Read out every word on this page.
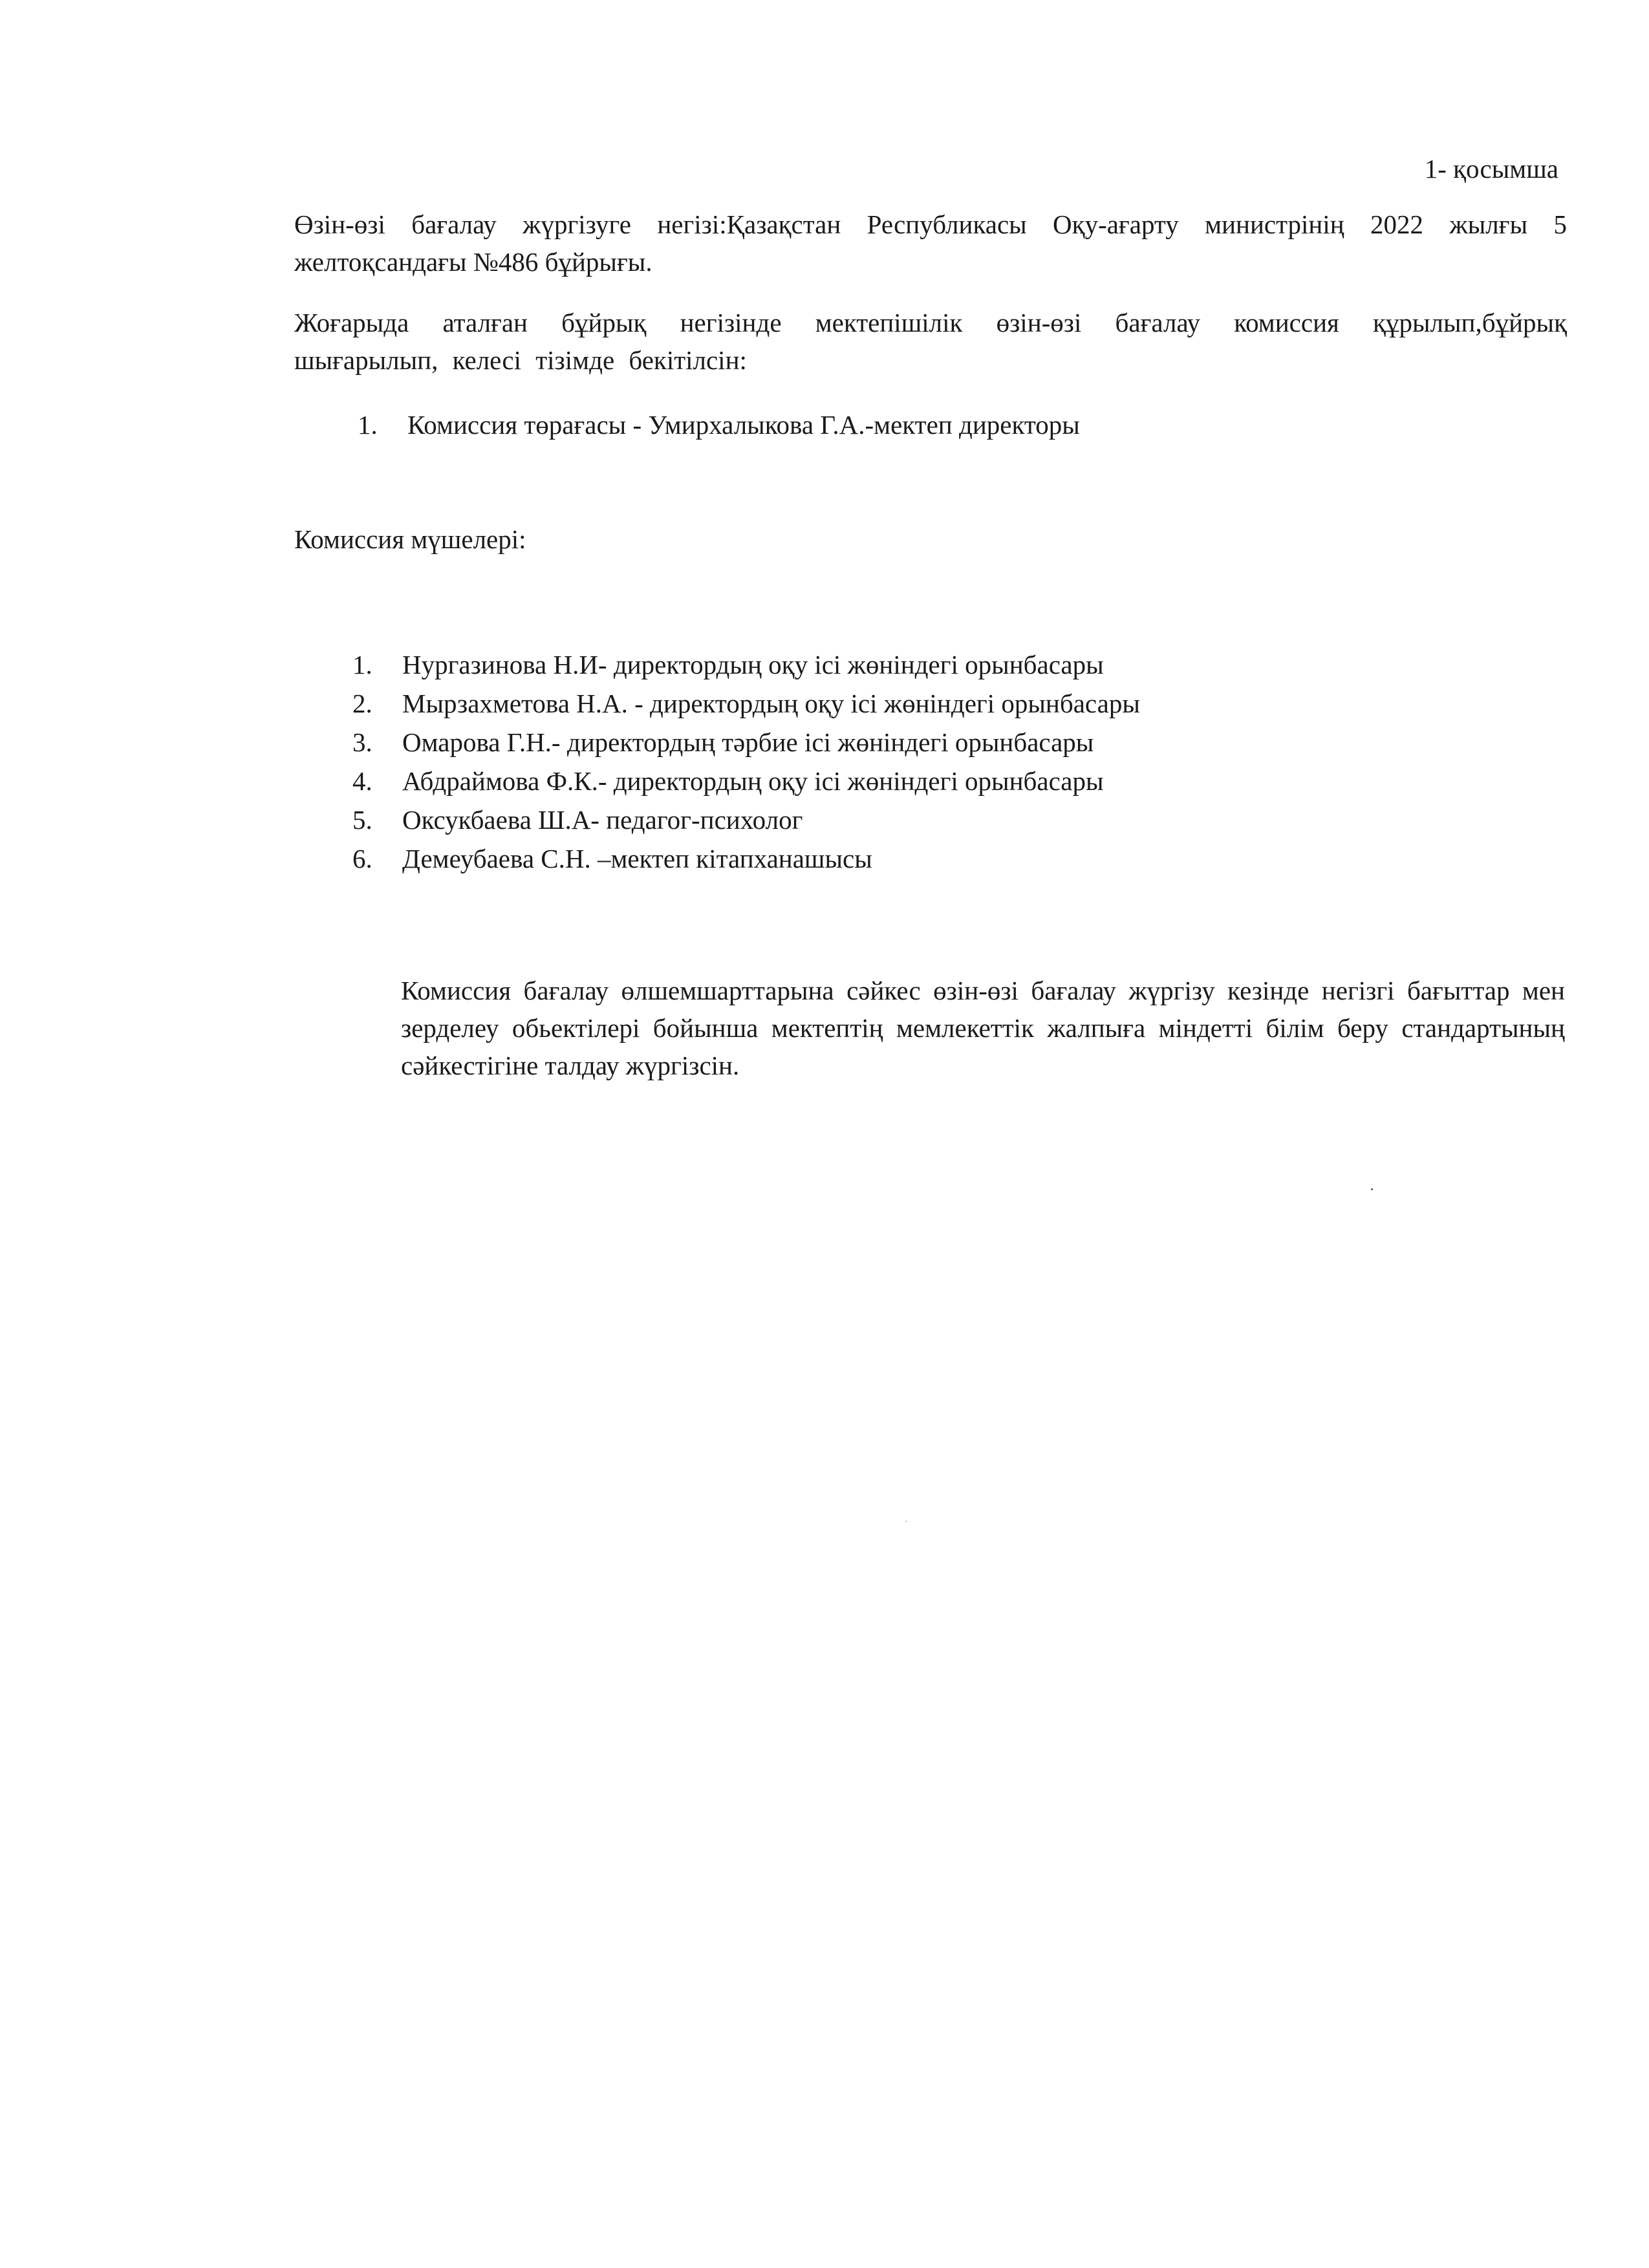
1- қосымша

Өзін-өзі бағалау жүргізуге негізі:Қазақстан Республикасы Оқу-ағарту министрінің 2022 жылғы 5 желтоқсандағы №486 бұйрығы.

Жоғарыда аталған бұйрық негізінде мектепішілік өзін-өзі бағалау комиссия құрылып,бұйрық шығарылып, келесі тізімде бекітілсін:

1. Комиссия төрағасы - Умирхалыкова Г.А.-мектеп директоры
Комиссия мүшелері:
1. Нургазинова Н.И- директордың оқу ісі жөніндегі орынбасары
2. Мырзахметова Н.А. - директордың оқу ісі жөніндегі орынбасары
3. Омарова Г.Н.- директордың тәрбие ісі жөніндегі орынбасары
4. Абдраймова Ф.К.- директордың оқу ісі жөніндегі орынбасары
5. Оксукбаева Ш.А- педагог-психолог
6. Демеубаева С.Н. –мектеп кітапханашысы

Комиссия бағалау өлшемшарттарына сәйкес өзін-өзі бағалау жүргізу кезінде негізгі бағыттар мен зерделеу обьектілері бойынша мектептің мемлекеттік жалпыға міндетті білім беру стандартының сәйкестігіне талдау жүргізсін.
